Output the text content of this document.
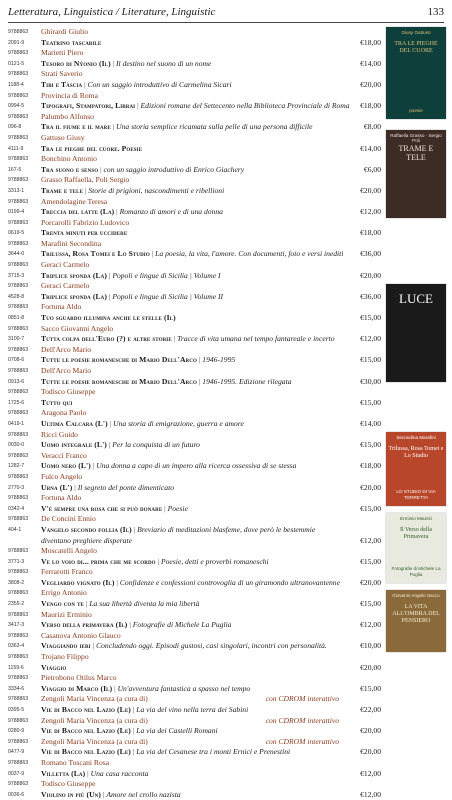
Letteratura, Linguistica / Literature, Linguistic	133
9788863	Ghirardi Giulio
2091-9	Teatrino tascabile	€18,00
9788863	Marietti Piero
0121-5	Tesoro di Nýonio (Il) | Il destino nel suono di un nome	€14,00
9788863	Strati Saverio
1188-4	Tibi e Tàscia | Con un saggio introduttivo di Carmelina Sicari	€20,00
9788863	Provincia di Roma
0994-5	Tipografi, Stampatori, Librai | Edizioni romane del Settecento nella Biblioteca Provinciale di Roma	€18,00
9788863	Palumbo Alfonso
096-8	Tra il fiume e il mare | Una storia semplice ricamata sulla pelle di una persona difficile	€8,00
9788863	Gattuso Giusy
4111-9	Tra le pieghe del cuore. Poesie	€14,00
9788863	Bonchino Antonio
167-5	Tra suono e senso | con un saggio introduttivo di Enrico Giachery	€6,00
9788863	Grasso Raffaella, Poli Sergio
3313-1	Trame e tele | Storie di prigioni, nascondimenti e ribellioni	€20,00
9788863	Amendolagine Teresa
0199-4	Treccia del latte (La) | Romanzo di amori e di una donna	€12,00
9788863	Porcarolli Fabrizio Ludovico
0619-5	Trenta minuti per uccidere	€18,00
9788863	Marafini Secondina
3644-0	Trilussa, Rosa Tomei e Lo Studio | La poesia, la vita, l'amore. Con documenti, foto e versi inediti	€36,00
9788863	Geraci Carmelo
3715-3	Triplice sponda (La) | Popoli e lingue di Sicilia | Volume I	€20,00
9788863	Geraci Carmelo
4528-8	Triplice sponda (La) | Popoli e lingue di Sicilia | Volume II	€36,00
9788863	Fortuna Aldo
0851-8	Tuo sguardo illumina anche le stelle (Il)	€15,00
9788863	Sacco Giovanni Angelo
3100-7	Tutta colpa dell'Euro (?) e altre storie | Tracce di vita umana nel tempo fantareale e incerto	€12,00
9788863	Dell'Arco Mario
0708-6	Tutte le poesie romanesche di Mario Dell'Arco | 1946-1995	€15,00
9788863	Dell'Arco Mario
0913-6	Tutte le poesie romanesche di Mario Dell'Arco | 1946-1995. Edizione rilegata	€30,00
9788863	Todisco Giuseppe
1725-6	Tutto qui	€15,00
9788863	Aragona Paolo
0419-1	Ultima Calcara (L') | Una storia di emigrazione, guerra e amore	€14,00
9788863	Ricci Guido
0030-0	Uomo integrale (L') | Per la conquista di un futuro	€15,00
9788863	Veracci Franco
1282-7	Uomo nero (L') | Una donna a capo di un impero alla ricerca ossessiva di se stessa	€18,00
9788863	Fulco Angelo
2770-3	Urna (L') | Il segreto del ponte dimenticato	€20,00
9788863	Fortuna Aldo
0342-4	V'è sempre una rosa che si può donare | Poesie	€15,00
9788863	De Concini Ennio
404-1	Vangelo secondo follia (Il) | Breviario di meditazioni blasfeme, dove però le bestemmie
diventano preghiere disperate	€12,00
9788863	Moscatelli Angelo
3771-3	Ve lo voio di... prima che me scordo | Poesie, detti e proverbi romaneschi	€15,00
9788863	Ferrarotti Franco
3808-2	Vegliardo vignato (Il) | Confidenze e confessioni controvoglia di un giramondo ultranovantenne	€20,00
9788863	Errigo Antonio
2355-2	Vengo con te | La sua libertà diventa la mia libertà	€15,00
9788863	Maurizi Erminio
3417-3	Verso della primavera (Il) | Fotografie di Michele La Puglia	€12,00
9788863	Casanova Antonio Glauco
0363-4	Viaggiando ieri | Concludendo oggi. Episodi gustosi, casi singolari, incontri con personalità.	€10,00
9788863	Trojano Filippo
1159-6	Viaggio	€20,00
9788863	Pietrobono Otilus Marco
3334-6	Viaggio di Marco (Il) | Un'avventura fantastica a spasso nel tempo	€15,00
9788863	Zengoli Maria Vincenza (a cura di)	con CDROM interattivo
0395-5	Vie di Bacco nel Lazio (Le) | La via del vino nella terra dei Sabini	€22,00
9788863	Zengoli Maria Vincenza (a cura di)	con CDROM interattivo
0280-9	Vie di Bacco nel Lazio (Le) | La via dei Castelli Romani	€20,00
9788863	Zengoli Maria Vincenza (a cura di)	con CDROM interattivo
0477-9	Vie di Bacco nel Lazio (Le) | La via del Cesanese tra i monti Ernici e Prenestini	€20,00
9788863	Romano Toscani Rosa
0037-9	Villetta (La) | Una casa racconta	€12,00
9788863	Todisco Giuseppe
0036-6	Violino in più (Un) | Amore nel crollo nazista	€12,00
Giusy Gattuso
TRA LE PIEGHE DEL CUORE
poesie
Raffaella Grasso · Sergio Poli
TRAME E TELE
LUCE
Secondina Marafini
Trilussa, Rosa Tomei e Lo Studio
LO STUDIO DI VIA TORRETTA
Erminio Maurizi
Il Verso della Primavera
Fotografie di Michele La Puglia
Giovanni Angelo Sacco
LA VITA ALL'OMBRA DEL PENSIERO
